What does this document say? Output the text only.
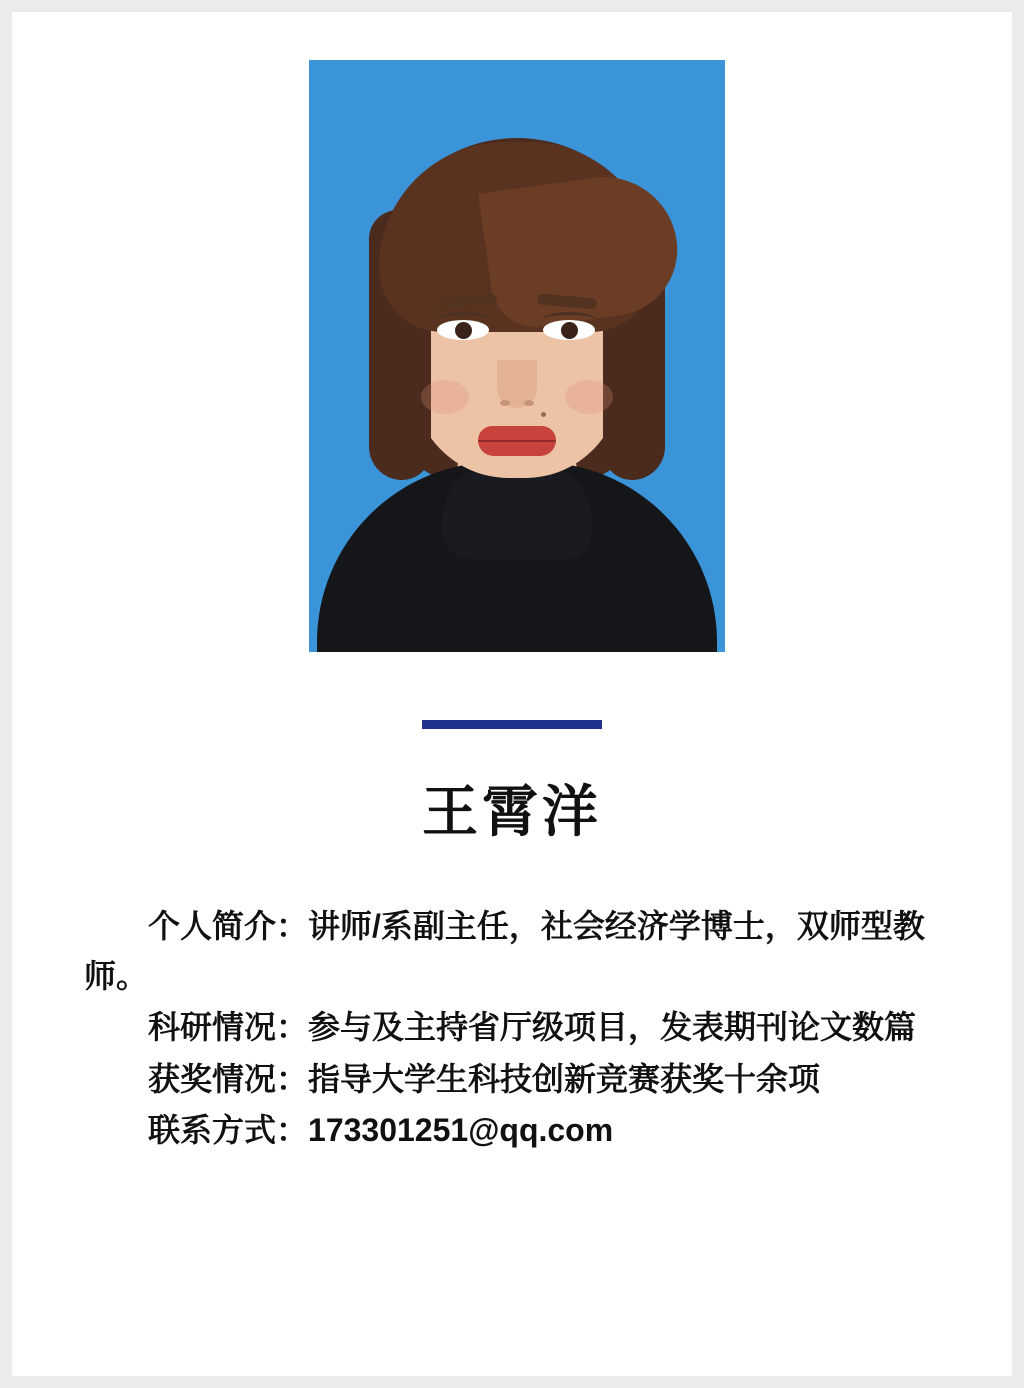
王霄洋

个人简介：讲师/系副主任，社会经济学博士，双师型教师。

科研情况：参与及主持省厅级项目，发表期刊论文数篇

获奖情况：指导大学生科技创新竞赛获奖十余项

联系方式：173301251@qq.com
